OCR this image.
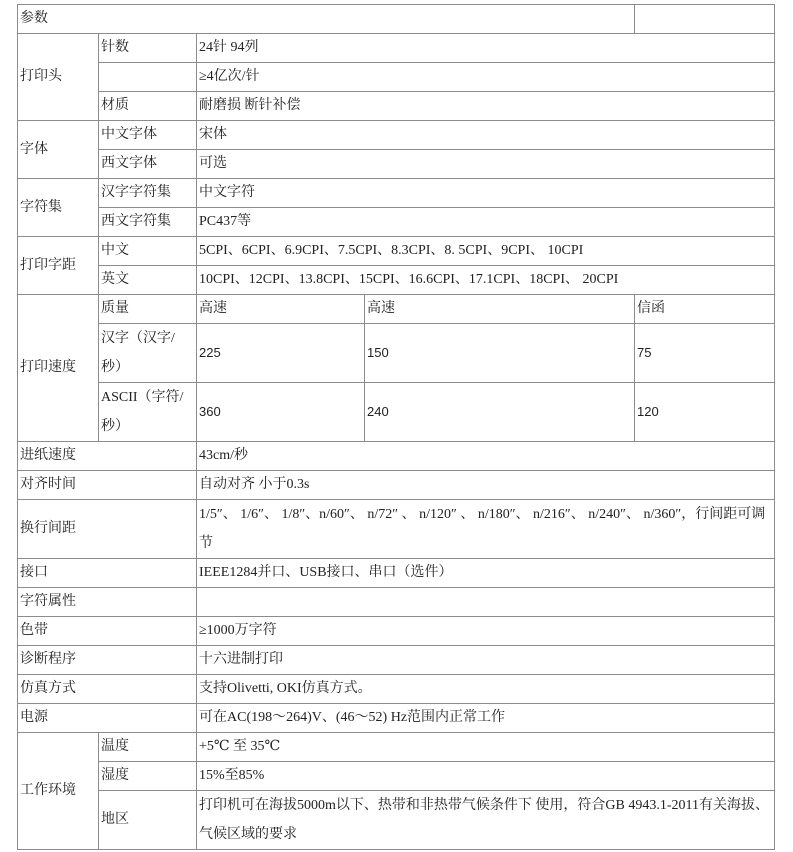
参数				
打印头	针数	24针 94列		
		≥4亿次/针		
	材质	耐磨损 断针补偿		
字体	中文字体	宋体		
	西文字体	可选		
字符集	汉字字符集	中文字符		
	西文字符集	PC437等		
打印字距	中文	5CPI、6CPI、6.9CPI、7.5CPI、8.3CPI、8. 5CPI、9CPI、 10CPI		
	英文	10CPI、12CPI、13.8CPI、15CPI、16.6CPI、17.1CPI、18CPI、 20CPI		
打印速度	质量	高速	高速	信函
	汉字（汉字/秒）	225	150	75
	ASCII（字符/秒）	360	240	120
进纸速度		43cm/秒		
对齐时间		自动对齐 小于0.3s		
换行间距		1/5″、 1/6″、 1/8″、n/60″、 n/72″ 、 n/120″ 、 n/180″、 n/216″、 n/240″、 n/360″，行间距可调节		
接口		IEEE1284并口、USB接口、串口（选件）		
字符属性				
色带		≥1000万字符		
诊断程序		十六进制打印		
仿真方式		支持Olivetti, OKI仿真方式。		
电源		可在AC(198～264)V、(46～52) Hz范围内正常工作		
工作环境	温度	+5℃ 至 35℃		
	湿度	15%至85%		
	地区	打印机可在海拔5000m以下、热带和非热带气候条件下 使用，符合GB 4943.1-2011有关海拔、气候区域的要求		
